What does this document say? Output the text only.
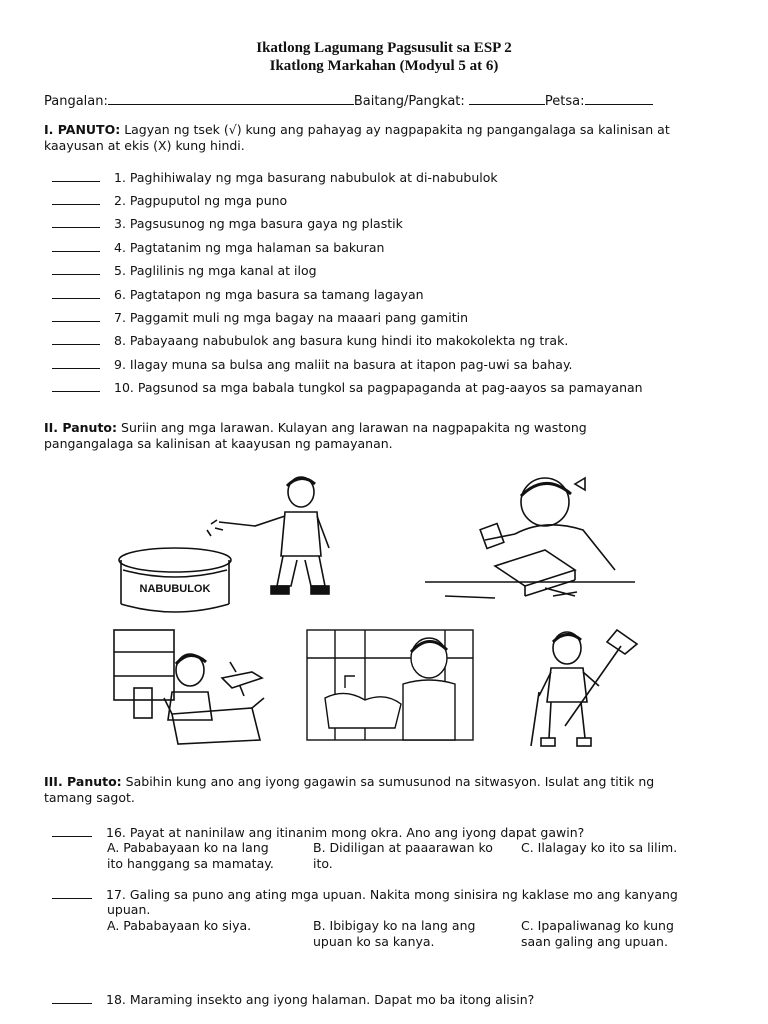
Ikatlong Lagumang Pagsusulit sa ESP 2
Ikatlong Markahan (Modyul 5 at 6)
Pangalan:	Baitang/Pangkat:	Petsa:
I. PANUTO: Lagyan ng tsek (√) kung ang pahayag ay nagpapakita ng pangangalaga sa kalinisan at
kaayusan at ekis (X) kung hindi.
1. Paghihiwalay ng mga basurang nabubulok at di-nabubulok
2. Pagpuputol ng mga puno
3. Pagsusunog ng mga basura gaya ng plastik
4. Pagtatanim ng mga halaman sa bakuran
5. Paglilinis ng mga kanal at ilog
6. Pagtatapon ng mga basura sa tamang lagayan
7. Paggamit muli ng mga bagay na maaari pang gamitin
8. Pabayaang nabubulok ang basura kung hindi ito makokolekta ng trak.
9. Ilagay muna sa bulsa ang maliit na basura at itapon pag-uwi sa bahay.
10. Pagsunod sa mga babala tungkol sa pagpapaganda at pag-aayos sa pamayanan
II. Panuto: Suriin ang mga larawan. Kulayan ang larawan na nagpapakita ng wastong
pangangalaga sa kalinisan at kaayusan ng pamayanan.
NABUBULOK
III. Panuto: Sabihin kung ano ang iyong gagawin sa sumusunod na sitwasyon. Isulat ang titik ng
tamang sagot.
16. Payat at naninilaw ang itinanim mong okra. Ano ang iyong dapat gawin?
A. Pababayaan ko na lang
ito hanggang sa mamatay.
B. Didiligan at paaarawan ko
ito.
C. Ilalagay ko ito sa lilim.
17. Galing sa puno ang ating mga upuan. Nakita mong sinisira ng kaklase mo ang kanyang
upuan.
A. Pababayaan ko siya.	B. Ibibigay ko na lang ang
upuan ko sa kanya.
C. Ipapaliwanag ko kung
saan galing ang upuan.
18. Maraming insekto ang iyong halaman. Dapat mo ba itong alisin?
